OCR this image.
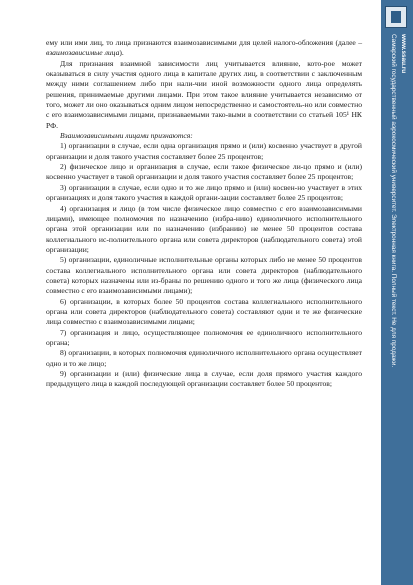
ему или ими лиц, то лица признаются взаимозависимыми для целей налого-обложения (далее – взаимозависимые лица).

Для признания взаимной зависимости лиц учитывается влияние, кото-рое может оказываться в силу участия одного лица в капитале других лиц, в соответствии с заключенным между ними соглашением либо при нали-чии иной возможности одного лица определять решения, принимаемые другими лицами. При этом такое влияние учитывается независимо от того, может ли оно оказываться одним лицом непосредственно и самостоятель-но или совместно с его взаимозависимыми лицами, признаваемыми тако-выми в соответствии со статьей 105¹ НК РФ.

Взаимозависимыми лицами признаются:

1) организации в случае, если одна организация прямо и (или) косвенно участвует в другой организации и доля такого участия составляет более 25 процентов;

2) физическое лицо и организация в случае, если такое физическое ли-цо прямо и (или) косвенно участвует в такой организации и доля такого участия составляет более 25 процентов;

3) организации в случае, если одно и то же лицо прямо и (или) косвен-но участвует в этих организациях и доля такого участия в каждой органи-зации составляет более 25 процентов;

4) организация и лицо (в том числе физическое лицо совместно с его взаимозависимыми лицами), имеющее полномочия по назначению (избра-нию) единоличного исполнительного органа этой организации или по назначению (избранию) не менее 50 процентов состава коллегиального ис-полнительного органа или совета директоров (наблюдательного совета) этой организации;

5) организации, единоличные исполнительные органы которых либо не менее 50 процентов состава коллегиального исполнительного органа или совета директоров (наблюдательного совета) которых назначены или из-браны по решению одного и того же лица (физического лица совместно с его взаимозависимыми лицами);

6) организации, в которых более 50 процентов состава коллегиального исполнительного органа или совета директоров (наблюдательного совета) составляют одни и те же физические лица совместно с взаимозависимыми лицами;

7) организация и лицо, осуществляющее полномочия ее единоличного исполнительного органа;

8) организации, в которых полномочия единоличного исполнительного органа осуществляет одно и то же лицо;

9) организации и (или) физические лица в случае, если доля прямого участия каждого предыдущего лица в каждой последующей организации составляет более 50 процентов;

Самарский государственный аэрокосмический университет. Электронная книга. Полный текст. Не для продажи. www.ssau.ru
